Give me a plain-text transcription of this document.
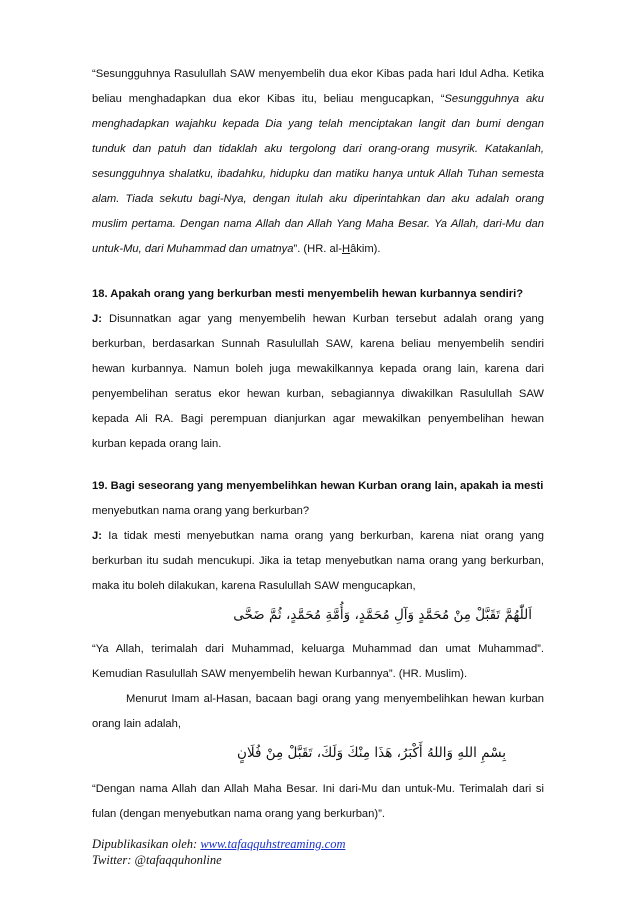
“Sesungguhnya Rasulullah SAW menyembelih dua ekor Kibas pada hari Idul Adha. Ketika beliau menghadapkan dua ekor Kibas itu, beliau mengucapkan, “Sesungguhnya aku menghadapkan wajahku kepada Dia yang telah menciptakan langit dan bumi dengan tunduk dan patuh dan tidaklah aku tergolong dari orang-orang musyrik. Katakanlah, sesungguhnya shalatku, ibadahku, hidupku dan matiku hanya untuk Allah Tuhan semesta alam. Tiada sekutu bagi-Nya, dengan itulah aku diperintahkan dan aku adalah orang muslim pertama. Dengan nama Allah dan Allah Yang Maha Besar. Ya Allah, dari-Mu dan untuk-Mu, dari Muhammad dan umatnya”. (HR. al-Hâkim).

18. Apakah orang yang berkurban mesti menyembelih hewan kurbannya sendiri?

J: Disunnatkan agar yang menyembelih hewan Kurban tersebut adalah orang yang berkurban, berdasarkan Sunnah Rasulullah SAW, karena beliau menyembelih sendiri hewan kurbannya. Namun boleh juga mewakilkannya kepada orang lain, karena dari penyembelihan seratus ekor hewan kurban, sebagiannya diwakilkan Rasulullah SAW kepada Ali RA. Bagi perempuan dianjurkan agar mewakilkan penyembelihan hewan kurban kepada orang lain.

19. Bagi seseorang yang menyembelihkan hewan Kurban orang lain, apakah ia mesti

menyebutkan nama orang yang berkurban?

J: Ia tidak mesti menyebutkan nama orang yang berkurban, karena niat orang yang berkurban itu sudah mencukupi. Jika ia tetap menyebutkan nama orang yang berkurban, maka itu boleh dilakukan, karena Rasulullah SAW mengucapkan,

اَللّٰهُمَّ تَقَبَّلْ مِنْ مُحَمَّدٍ وَآلِ مُحَمَّدٍ، وَأُمَّةِ مُحَمَّدٍ، ثُمَّ ضَحَّى

“Ya Allah, terimalah dari Muhammad, keluarga Muhammad dan umat Muhammad”. Kemudian Rasulullah SAW menyembelih hewan Kurbannya”. (HR. Muslim).

Menurut Imam al-Hasan, bacaan bagi orang yang menyembelihkan hewan kurban orang lain adalah,

بِسْمِ اللهِ وَاللهُ أَكْبَرُ، هَذَا مِنْكَ وَلَكَ، تَقَبَّلْ مِنْ فُلَانٍ

“Dengan nama Allah dan Allah Maha Besar. Ini dari-Mu dan untuk-Mu. Terimalah dari si fulan (dengan menyebutkan nama orang yang berkurban)”.

Dipublikasikan oleh: www.tafaqquhstreaming.com
Twitter: @tafaqquhonline
